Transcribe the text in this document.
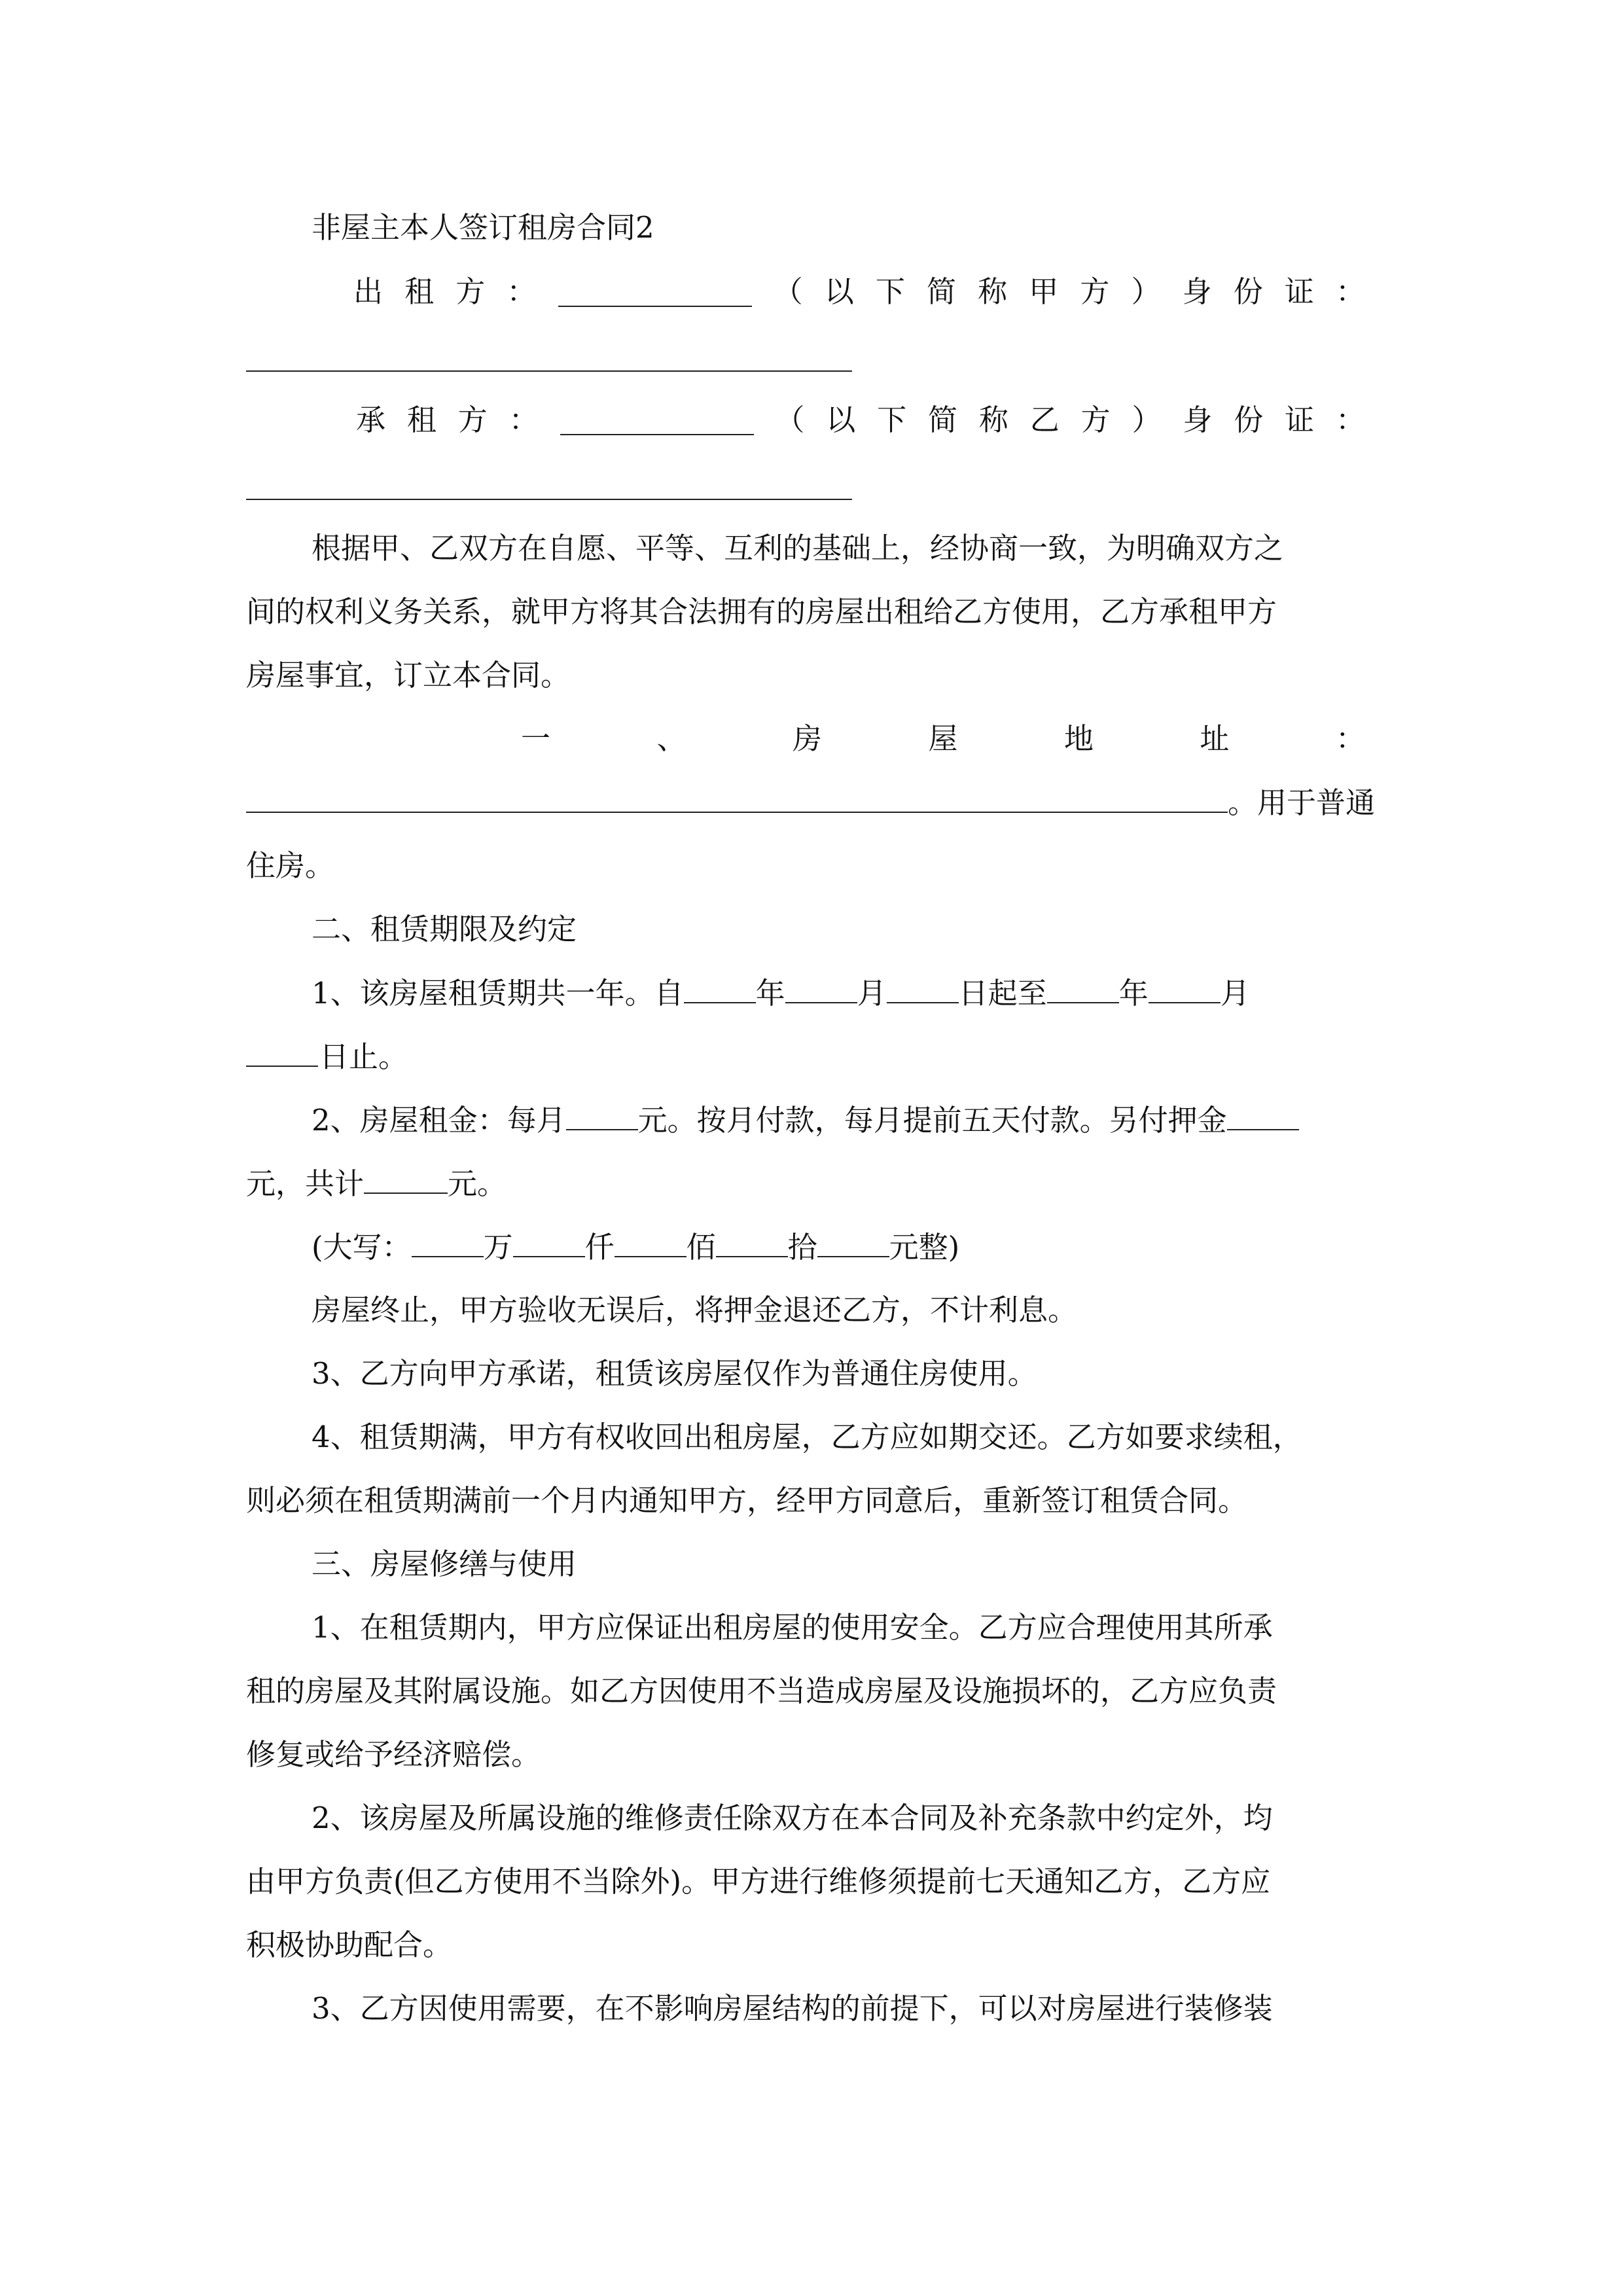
非屋主本人签订租房合同2
出 租 方 ：	（ 以 下 简 称 甲 方 ） 身 份 证 ：
承 租 方 ：	（ 以 下 简 称 乙 方 ） 身 份 证 ：
根据甲、乙双方在自愿、平等、互利的基础上，经协商一致，为明确双方之
间的权利义务关系，就甲方将其合法拥有的房屋出租给乙方使用，乙方承租甲方
房屋事宜，订立本合同。
一	、	房	屋	地	址	：
。用于普通
住房。
二、租赁期限及约定
1、该房屋租赁期共一年。自 年 月 日起至 年 月
日止。
2、房屋租金：每月 元。按月付款，每月提前五天付款。另付押金
元，共计	元。
(大写： 万 仟 佰 拾 元整)
房屋终止，甲方验收无误后，将押金退还乙方，不计利息。
3、乙方向甲方承诺，租赁该房屋仅作为普通住房使用。
4、租赁期满，甲方有权收回出租房屋，乙方应如期交还。乙方如要求续租，
则必须在租赁期满前一个月内通知甲方，经甲方同意后，重新签订租赁合同。
三、房屋修缮与使用
1、在租赁期内，甲方应保证出租房屋的使用安全。乙方应合理使用其所承
租的房屋及其附属设施。如乙方因使用不当造成房屋及设施损坏的，乙方应负责
修复或给予经济赔偿。
2、该房屋及所属设施的维修责任除双方在本合同及补充条款中约定外，均
由甲方负责(但乙方使用不当除外)。甲方进行维修须提前七天通知乙方，乙方应
积极协助配合。
3、乙方因使用需要，在不影响房屋结构的前提下，可以对房屋进行装修装
